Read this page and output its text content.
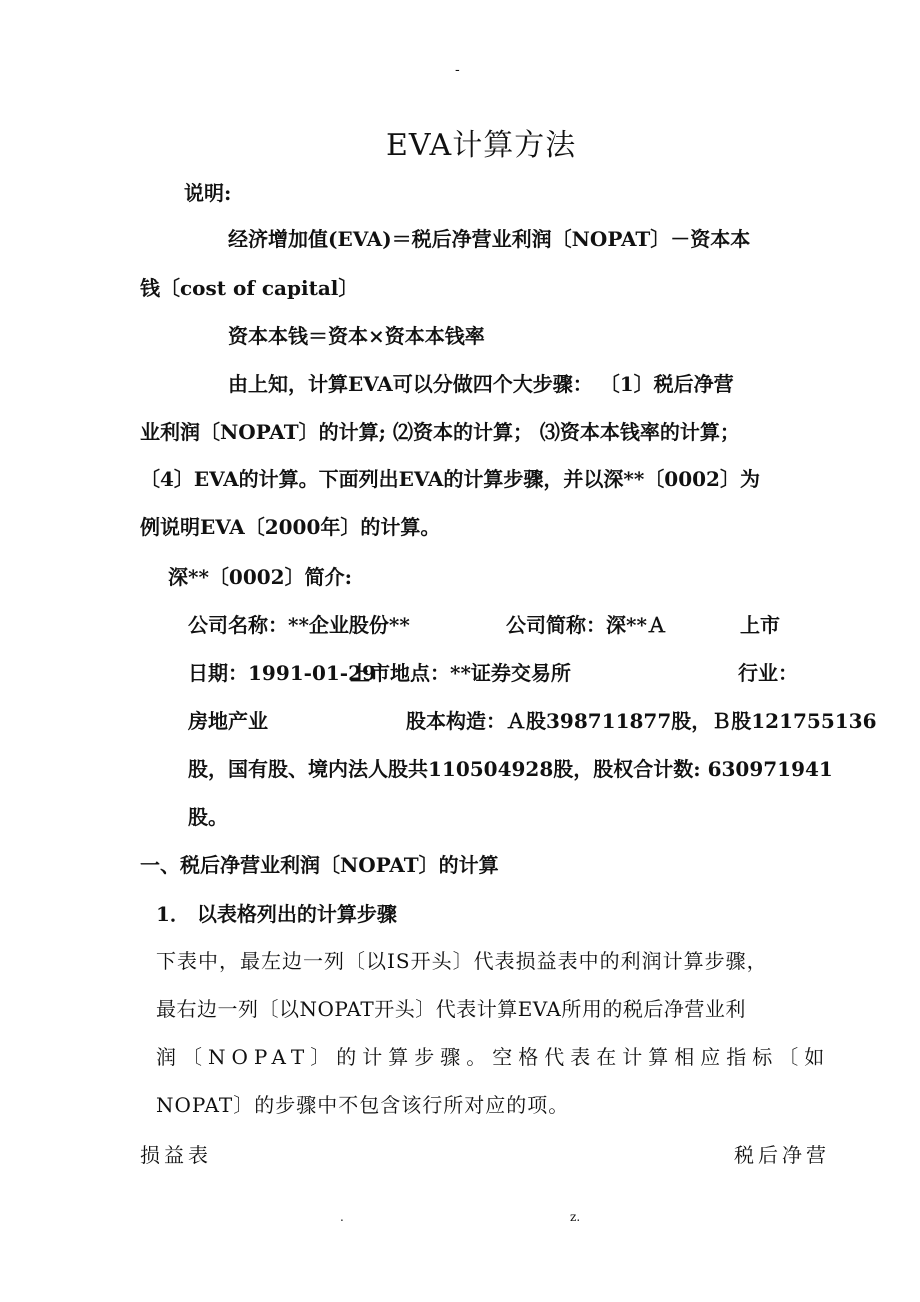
-
EVA计算方法
说明:
经济增加值(EVA)＝税后净营业利润〔NOPAT〕－资本本
钱〔cost of capital〕
资本本钱＝资本×资本本钱率
由上知，计算EVA可以分做四个大步骤： 〔1〕税后净营
业利润〔NOPAT〕的计算; ⑵资本的计算； ⑶资本本钱率的计算；
〔4〕EVA的计算。下面列出EVA的计算步骤，并以深**〔0002〕为
例说明EVA〔2000年〕的计算。
深**〔0002〕简介:
公司名称：**企业股份**	公司简称：深**Ａ	上市
日期：1991-01-29
上市地点：**证券交易所	行业：
房地产业	股本构造：Ａ股398711877股，Ｂ股121755136
股，国有股、境内法人股共110504928股，股权合计数: 630971941
股。
一、税后净营业利润〔NOPAT〕的计算
1． 以表格列出的计算步骤
下表中，最左边一列〔以IS开头〕代表损益表中的利润计算步骤，
最右边一列〔以NOPAT开头〕代表计算EVA所用的税后净营业利
润〔NOPAT〕的计算步骤。空格代表在计算相应指标〔如
NOPAT〕的步骤中不包含该行所对应的项。
损益表	税后净营
.	z.
